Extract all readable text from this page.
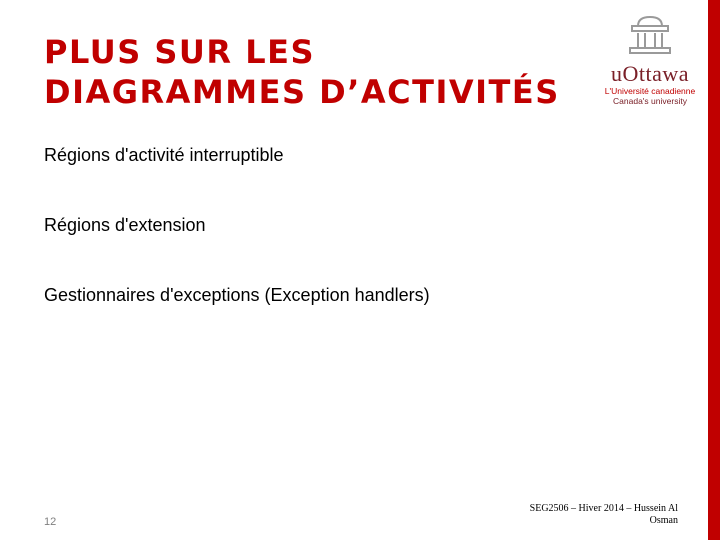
PLUS SUR LES
DIAGRAMMES D’ACTIVITÉS	uOttawa
L'Université canadienne
Canada's university
Régions d'activité interruptible
Régions d'extension
Gestionnaires d'exceptions (Exception handlers)
12
SEG2506 – Hiver 2014 – Hussein Al
Osman
